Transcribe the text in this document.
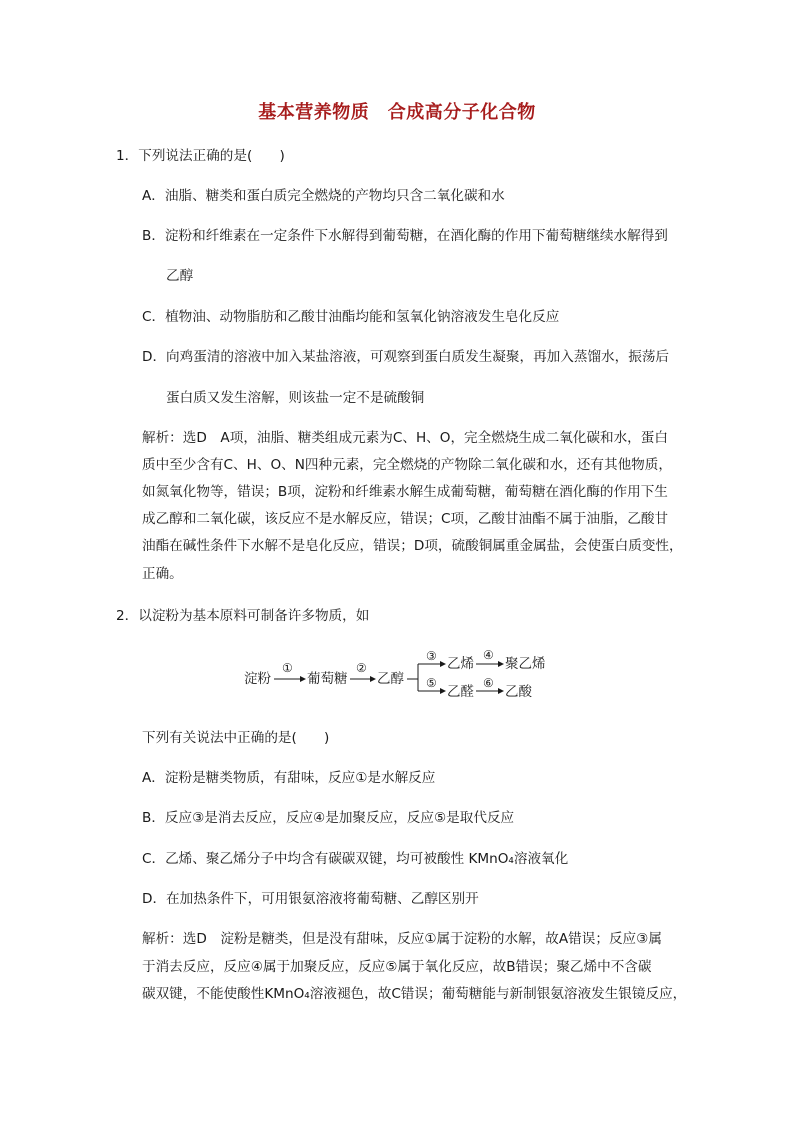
基本营养物质　合成高分子化合物
1．下列说法正确的是(　　)
A．油脂、糖类和蛋白质完全燃烧的产物均只含二氧化碳和水
B．淀粉和纤维素在一定条件下水解得到葡萄糖，在酒化酶的作用下葡萄糖继续水解得到
乙醇
C．植物油、动物脂肪和乙酸甘油酯均能和氢氧化钠溶液发生皂化反应
D．向鸡蛋清的溶液中加入某盐溶液，可观察到蛋白质发生凝聚，再加入蒸馏水，振荡后
蛋白质又发生溶解，则该盐一定不是硫酸铜
解析：选D　A项，油脂、糖类组成元素为C、H、O，完全燃烧生成二氧化碳和水，蛋白
质中至少含有C、H、O、N四种元素，完全燃烧的产物除二氧化碳和水，还有其他物质，
如氮氧化物等，错误；B项，淀粉和纤维素水解生成葡萄糖，葡萄糖在酒化酶的作用下生
成乙醇和二氧化碳，该反应不是水解反应，错误；C项，乙酸甘油酯不属于油脂，乙酸甘
油酯在碱性条件下水解不是皂化反应，错误；D项，硫酸铜属重金属盐，会使蛋白质变性，
正确。
2．以淀粉为基本原料可制备许多物质，如
淀粉
①
葡萄糖
②
乙醇
③ 乙烯
④
聚乙烯
⑤
乙醛
⑥
乙酸
下列有关说法中正确的是(　　)
A．淀粉是糖类物质，有甜味，反应①是水解反应
B．反应③是消去反应，反应④是加聚反应，反应⑤是取代反应
C．乙烯、聚乙烯分子中均含有碳碳双键，均可被酸性 KMnO₄溶液氧化
D．在加热条件下，可用银氨溶液将葡萄糖、乙醇区别开
解析：选D　淀粉是糖类，但是没有甜味，反应①属于淀粉的水解，故A错误；反应③属
于消去反应，反应④属于加聚反应，反应⑤属于氧化反应，故B错误；聚乙烯中不含碳
碳双键，不能使酸性KMnO₄溶液褪色，故C错误；葡萄糖能与新制银氨溶液发生银镜反应，
